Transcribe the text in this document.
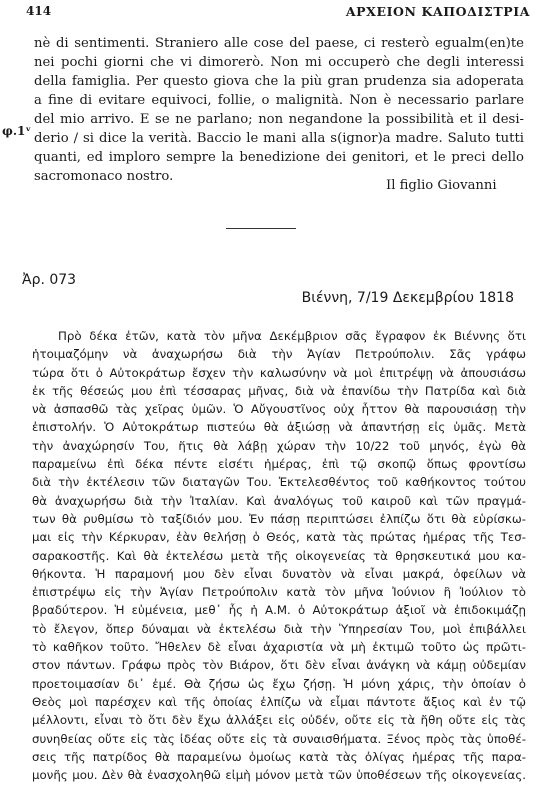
414	ΑΡΧΕΙΟΝ ΚΑΠΟΔΙΣΤΡΙΑ
φ.1ᵛ
nè di sentimenti. Straniero alle cose del paese, ci resterò egualm(en)te
nei pochi giorni che vi dimorerò. Non mi occuperò che degli interessi
della famiglia. Per questo giova che la più gran prudenza sia adoperata
a fine di evitare equivoci, follie, o malignità. Non è necessario parlare
del mio arrivo. E se ne parlano; non negandone la possibilità et il desi-
derio / si dice la verità. Baccio le mani alla s(ignor)a madre. Saluto tutti
quanti, ed imploro sempre la benedizione dei genitori, et le preci dello
sacromonaco nostro.
Il figlio Giovanni
Ἀρ. 073
Βιέννη, 7/19 Δεκεμβρίου 1818
Πρὸ δέκα ἐτῶν, κατὰ τὸν μῆνα Δεκέμβριον σᾶς ἔγραφον ἐκ Βιέννης ὅτι
ἡτοιμαζόμην νὰ ἀναχωρήσω διὰ τὴν Ἁγίαν Πετρούπολιν. Σᾶς γράφω
τώρα ὅτι ὁ Αὐτοκράτωρ ἔσχεν τὴν καλωσύνην νὰ μοὶ ἐπιτρέψῃ νὰ ἀπουσιάσω
ἐκ τῆς θέσεώς μου ἐπὶ τέσσαρας μῆνας, διὰ νὰ ἐπανίδω τὴν Πατρίδα καὶ διὰ
νὰ ἀσπασθῶ τὰς χεῖρας ὑμῶν. Ὁ Αὔγουστῖνος οὐχ ἧττον θὰ παρουσιάσῃ τὴν
ἐπιστολήν. Ὁ Αὐτοκράτωρ πιστεύω θὰ ἀξιώσῃ νὰ ἀπαντήσῃ εἰς ὑμᾶς. Μετὰ
τὴν ἀναχώρησίν Του, ἥτις θὰ λάβῃ χώραν τὴν 10/22 τοῦ μηνός, ἐγὼ θὰ
παραμείνω ἐπὶ δέκα πέντε εἰσέτι ἡμέρας, ἐπὶ τῷ σκοπῷ ὅπως φροντίσω
διὰ τὴν ἐκτέλεσιν τῶν διαταγῶν Του. Ἐκτελεσθέντος τοῦ καθήκοντος τούτου
θὰ ἀναχωρήσω διὰ τὴν Ἰταλίαν. Καὶ ἀναλόγως τοῦ καιροῦ καὶ τῶν πραγμά-
των θὰ ρυθμίσω τὸ ταξίδιόν μου. Ἐν πάσῃ περιπτώσει ἐλπίζω ὅτι θὰ εὑρίσκω-
μαι εἰς τὴν Κέρκυραν, ἐὰν θελήσῃ ὁ Θεός, κατὰ τὰς πρώτας ἡμέρας τῆς Τεσ-
σαρακοστῆς. Καὶ θὰ ἐκτελέσω μετὰ τῆς οἰκογενείας τὰ θρησκευτικά μου κα-
θήκοντα. Ἡ παραμονή μου δὲν εἶναι δυνατὸν νὰ εἶναι μακρά, ὀφείλων νὰ
ἐπιστρέψω εἰς τὴν Ἁγίαν Πετρούπολιν κατὰ τὸν μῆνα Ἰούνιον ἢ Ἰούλιον τὸ
βραδύτερον. Ἡ εὐμένεια, μεθ᾽ ἧς ἡ Α.Μ. ὁ Αὐτοκράτωρ ἀξιοῖ νὰ ἐπιδοκιμάζῃ
τὸ ἔλεγον, ὅπερ δύναμαι νὰ ἐκτελέσω διὰ τὴν Ὑπηρεσίαν Του, μοὶ ἐπιβάλλει
τὸ καθῆκον τοῦτο. Ἤθελεν δὲ εἶναι ἀχαριστία νὰ μὴ ἐκτιμῶ τοῦτο ὡς πρῶτι-
στον πάντων. Γράφω πρὸς τὸν Βιάρον, ὅτι δὲν εἶναι ἀνάγκη νὰ κάμῃ οὐδεμίαν
προετοιμασίαν δι᾽ ἐμέ. Θὰ ζήσω ὡς ἔχω ζήσῃ. Ἡ μόνη χάρις, τὴν ὁποίαν ὁ
Θεὸς μοὶ παρέσχεν καὶ τῆς ὁποίας ἐλπίζω νὰ εἶμαι πάντοτε ἄξιος καὶ ἐν τῷ
μέλλοντι, εἶναι τὸ ὅτι δὲν ἔχω ἀλλάξει εἰς οὐδέν, οὔτε εἰς τὰ ἤθη οὔτε εἰς τὰς
συνηθείας οὔτε εἰς τὰς ἰδέας οὔτε εἰς τὰ συναισθήματα. Ξένος πρὸς τὰς ὑποθέ-
σεις τῆς πατρίδος θὰ παραμείνω ὁμοίως κατὰ τὰς ὀλίγας ἡμέρας τῆς παρα-
μονῆς μου. Δὲν θὰ ἐνασχοληθῶ εἰμὴ μόνον μετὰ τῶν ὑποθέσεων τῆς οἰκογενείας.
